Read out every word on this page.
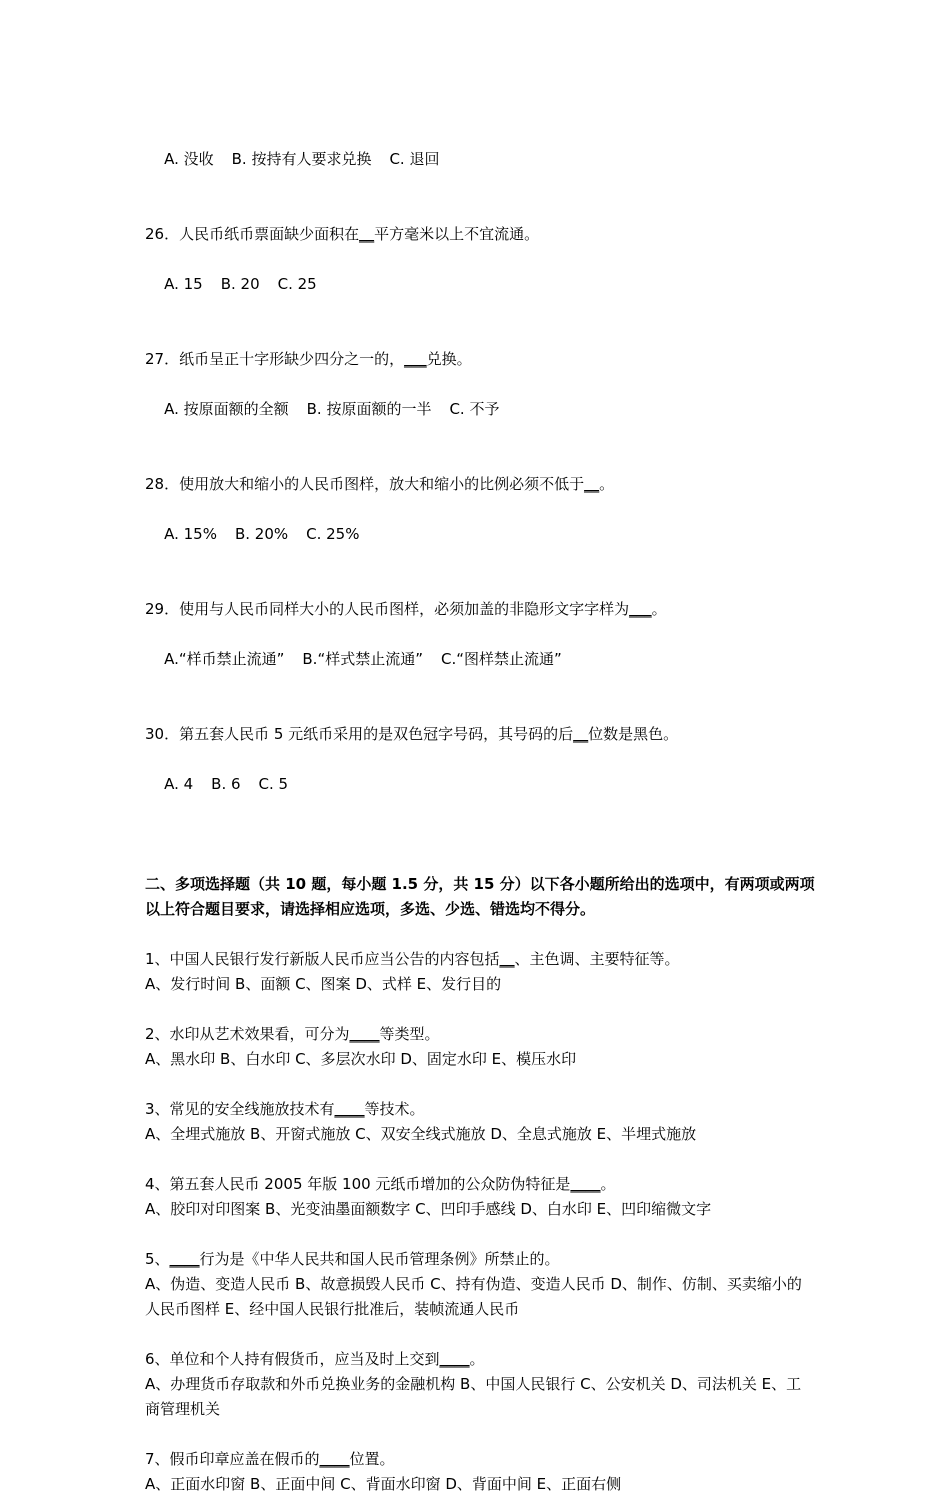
A. 没收 B. 按持有人要求兑换 C. 退回

26．人民币纸币票面缺少面积在__平方毫米以上不宜流通。

A. 15 B. 20 C. 25

27．纸币呈正十字形缺少四分之一的，___兑换。

A. 按原面额的全额 B. 按原面额的一半 C. 不予

28．使用放大和缩小的人民币图样，放大和缩小的比例必须不低于__。

A. 15% B. 20% C. 25%

29．使用与人民币同样大小的人民币图样，必须加盖的非隐形文字字样为___。

A.“样币禁止流通” B.“样式禁止流通” C.“图样禁止流通”

30．第五套人民币 5 元纸币采用的是双色冠字号码，其号码的后__位数是黑色。

A. 4 B. 6 C. 5

二、多项选择题（共 10 题，每小题 1.5 分，共 15 分）以下各小题所给出的选项中，有两项或两项以上符合题目要求，请选择相应选项，多选、少选、错选均不得分。
1、中国人民银行发行新版人民币应当公告的内容包括__、主色调、主要特征等。
A、发行时间 B、面额 C、图案 D、式样 E、发行目的
2、水印从艺术效果看，可分为____等类型。
A、黑水印 B、白水印 C、多层次水印 D、固定水印 E、模压水印
3、常见的安全线施放技术有____等技术。
A、全埋式施放 B、开窗式施放 C、双安全线式施放 D、全息式施放 E、半埋式施放
4、第五套人民币 2005 年版 100 元纸币增加的公众防伪特征是____。
A、胶印对印图案 B、光变油墨面额数字 C、凹印手感线 D、白水印 E、凹印缩微文字
5、____行为是《中华人民共和国人民币管理条例》所禁止的。
A、伪造、变造人民币 B、故意损毁人民币 C、持有伪造、变造人民币 D、制作、仿制、买卖缩小的人民币图样 E、经中国人民银行批准后，装帧流通人民币
6、单位和个人持有假货币，应当及时上交到____。
A、办理货币存取款和外币兑换业务的金融机构 B、中国人民银行 C、公安机关 D、司法机关 E、工商管理机关
7、假币印章应盖在假币的____位置。
A、正面水印窗 B、正面中间 C、背面水印窗 D、背面中间 E、正面右侧
